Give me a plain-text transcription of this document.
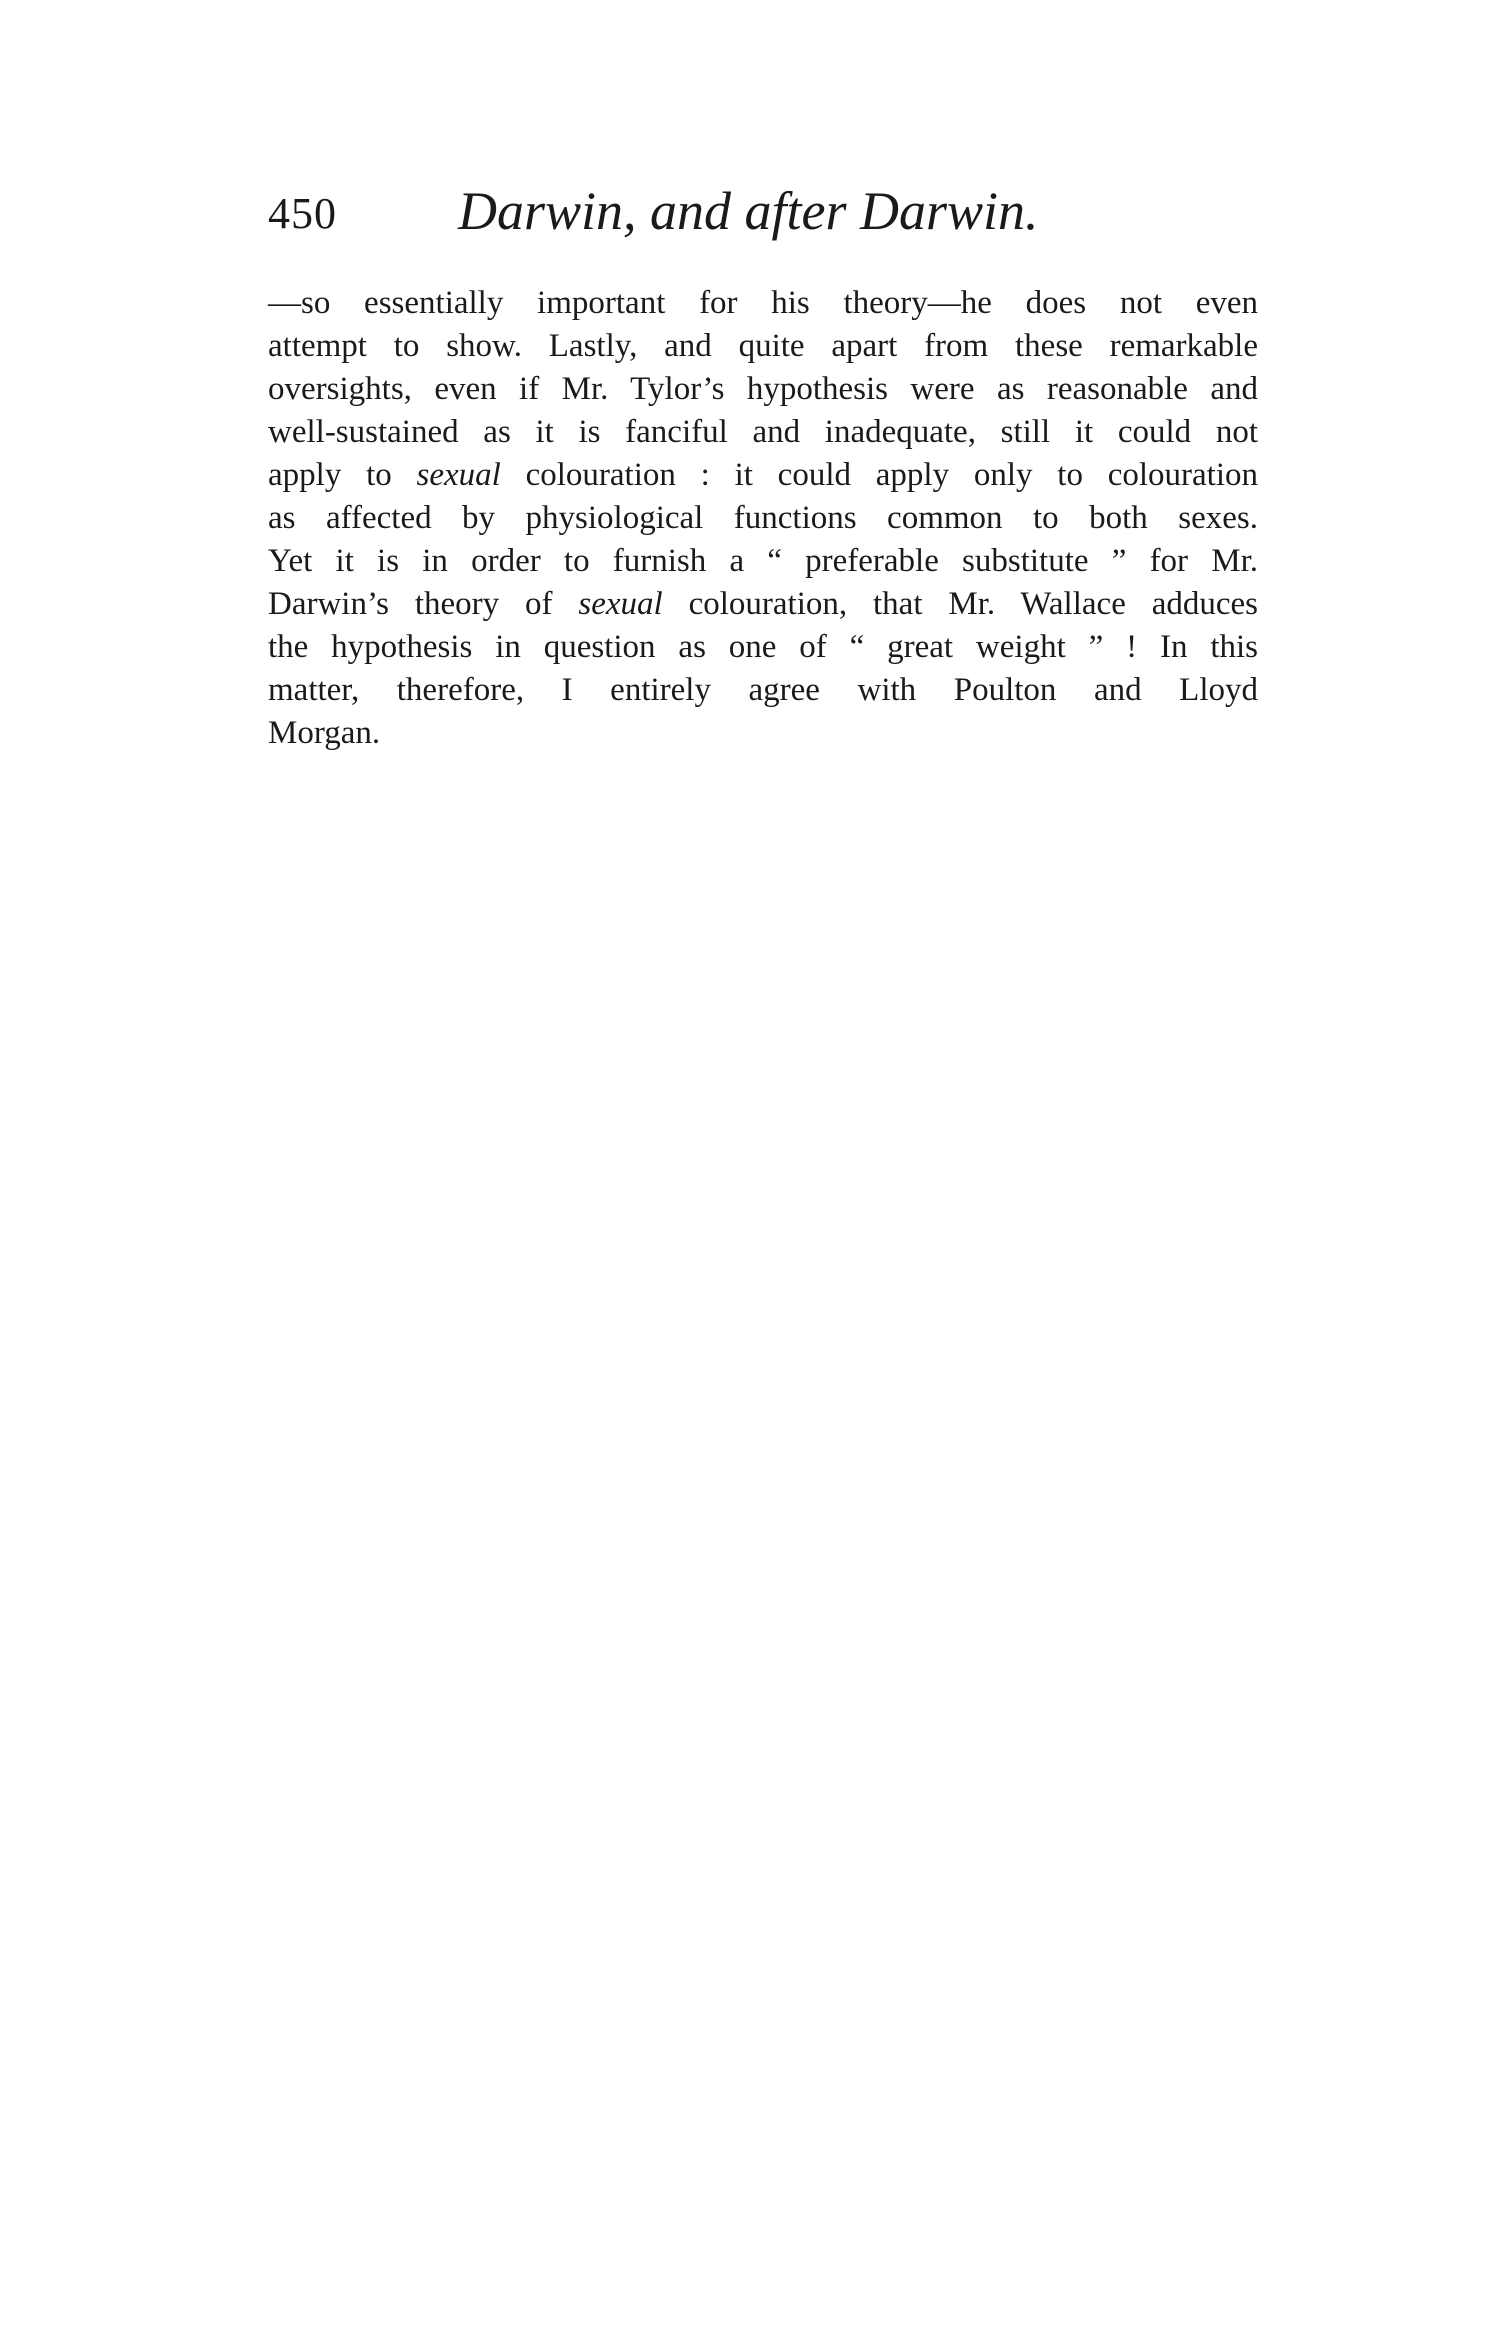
450 Darwin, and after Darwin.
—so essentially important for his theory—he does not even
attempt to show. Lastly, and quite apart from these remarkable
oversights, even if Mr. Tylor’s hypothesis were as reasonable and
well-sustained as it is fanciful and inadequate, still it could not
apply to sexual colouration : it could apply only to colouration
as affected by physiological functions common to both sexes.
Yet it is in order to furnish a “ preferable substitute ” for Mr.
Darwin’s theory of sexual colouration, that Mr. Wallace adduces
the hypothesis in question as one of “ great weight ” ! In this
matter, therefore, I entirely agree with Poulton and Lloyd
Morgan.
